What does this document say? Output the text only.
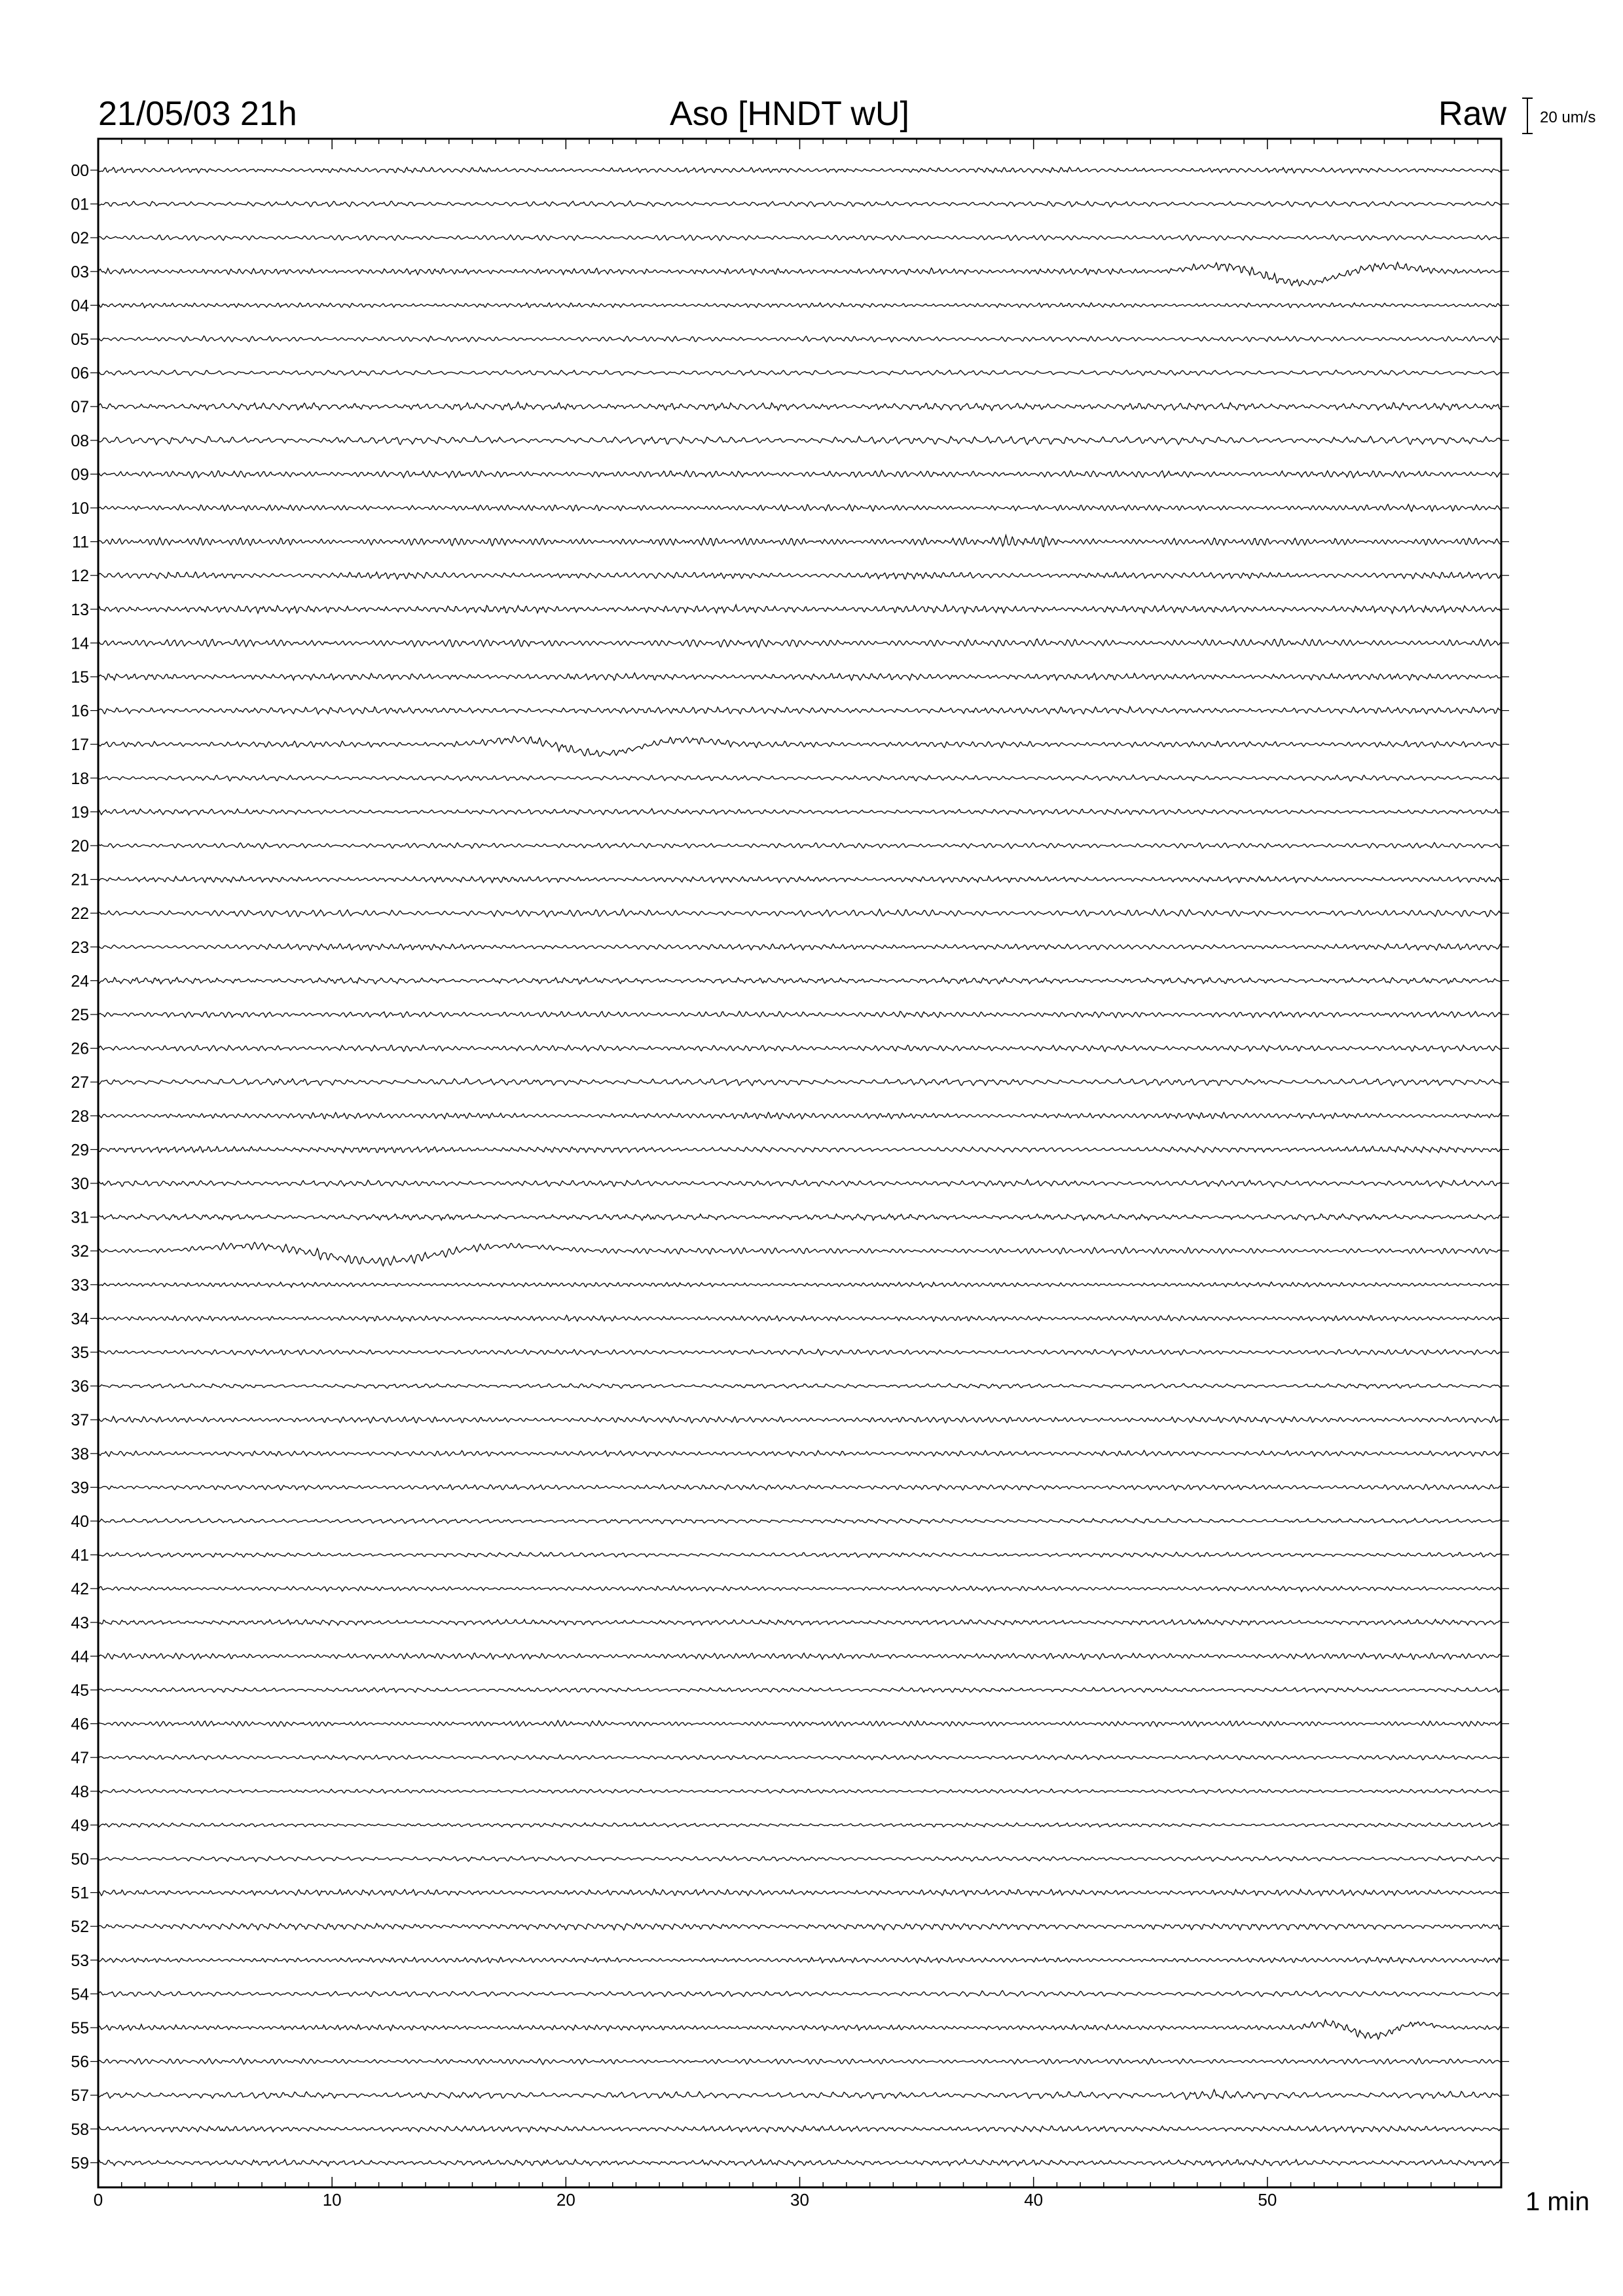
00
01
02
03
04
05
06
07
08
09
10
11
12
13
14
15
16
17
18
19
20
21
22
23
24
25
26
27
28
29
30
31
32
33
34
35
36
37
38
39
40
41
42
43
44
45
46
47
48
49
50
51
52
53
54
55
56
57
58
59
0	10	20	30	40	50
21/05/03 21h	Aso [HNDT wU]	Raw 20 um/s
1 min
